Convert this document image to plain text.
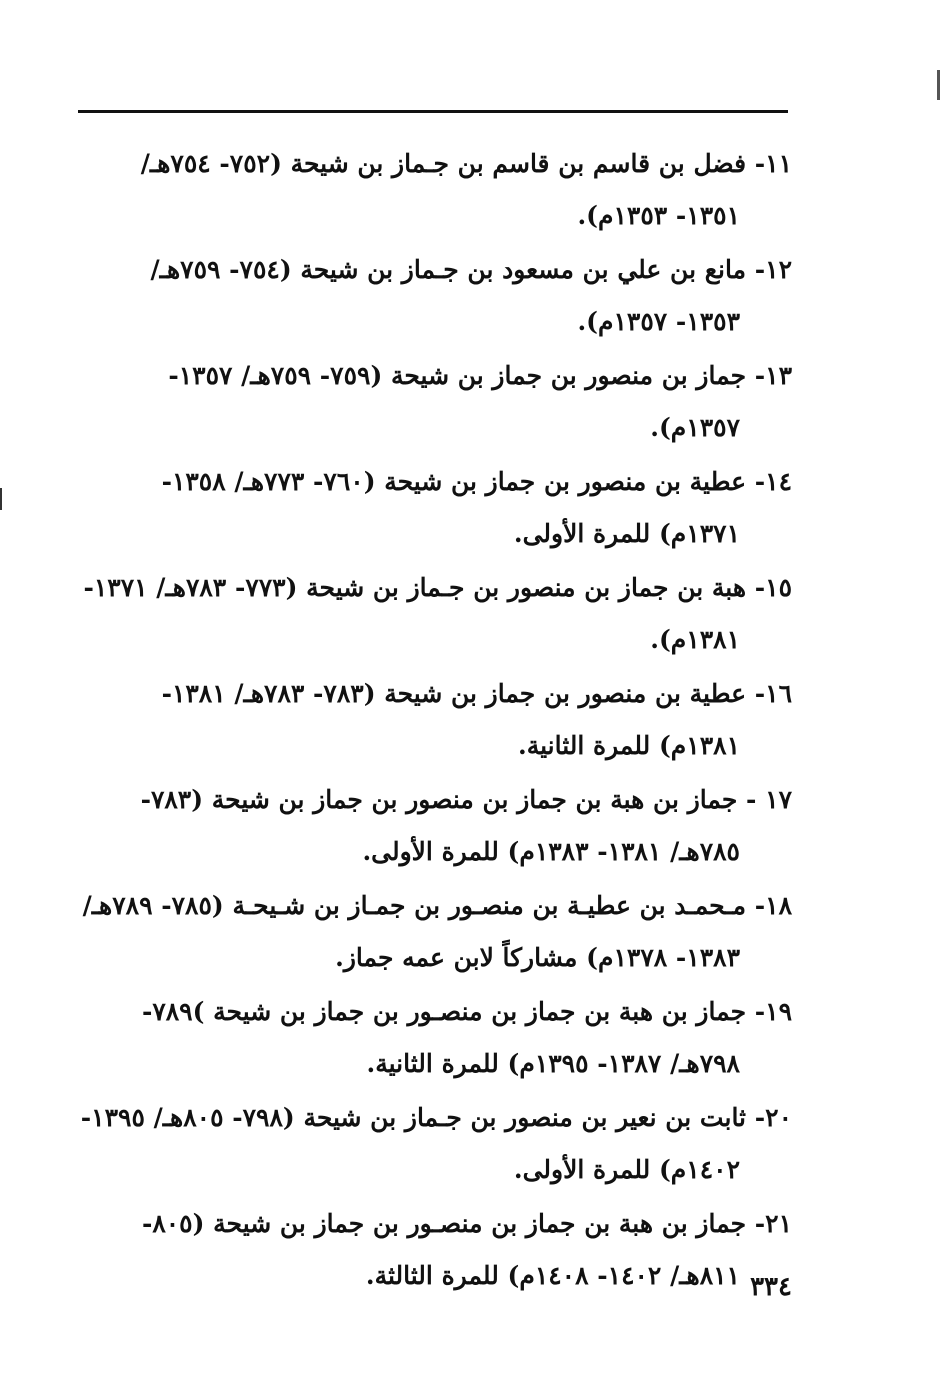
١١- فضل بن قاسم بن قاسم بن جـماز بن شيحة (٧٥٢- ٧٥٤هـ/ ١٣٥١- ١٣٥٣م).
١٢- مانع بن علي بن مسعود بن جـماز بن شيحة (٧٥٤- ٧٥٩هـ/ ١٣٥٣- ١٣٥٧م).
١٣- جماز بن منصور بن جماز بن شيحة (٧٥٩- ٧٥٩هـ/ ١٣٥٧- ١٣٥٧م).
١٤- عطية بن منصور بن جماز بن شيحة (٧٦٠- ٧٧٣هـ/ ١٣٥٨- ١٣٧١م) للمرة الأولى.
١٥- هبة بن جماز بن منصور بن جـماز بن شيحة (٧٧٣- ٧٨٣هـ/ ١٣٧١- ١٣٨١م).
١٦- عطية بن منصور بن جماز بن شيحة (٧٨٣- ٧٨٣هـ/ ١٣٨١- ١٣٨١م) للمرة الثانية.
١٧ - جماز بن هبة بن جماز بن منصور بن جماز بن شيحة (٧٨٣- ٧٨٥هـ/ ١٣٨١- ١٣٨٣م) للمرة الأولى.
١٨- مـحمـد بن عطيـة بن منصـور بن جمـاز بن شـيحـة (٧٨٥- ٧٨٩هـ/ ١٣٨٣- ١٣٧٨م) مشاركاً لابن عمه جماز.
١٩- جماز بن هبة بن جماز بن منصـور بن جماز بن شيحة )٧٨٩- ٧٩٨هـ/ ١٣٨٧- ١٣٩٥م) للمرة الثانية.
٢٠- ثابت بن نعير بن منصور بن جـماز بن شيحة (٧٩٨- ٨٠٥هـ/ ١٣٩٥- ١٤٠٢م) للمرة الأولى.
٢١- جماز بن هبة بن جماز بن منصـور بن جماز بن شيحة (٨٠٥- ٨١١هـ/ ١٤٠٢- ١٤٠٨م) للمرة الثالثة. ٣٣٤
